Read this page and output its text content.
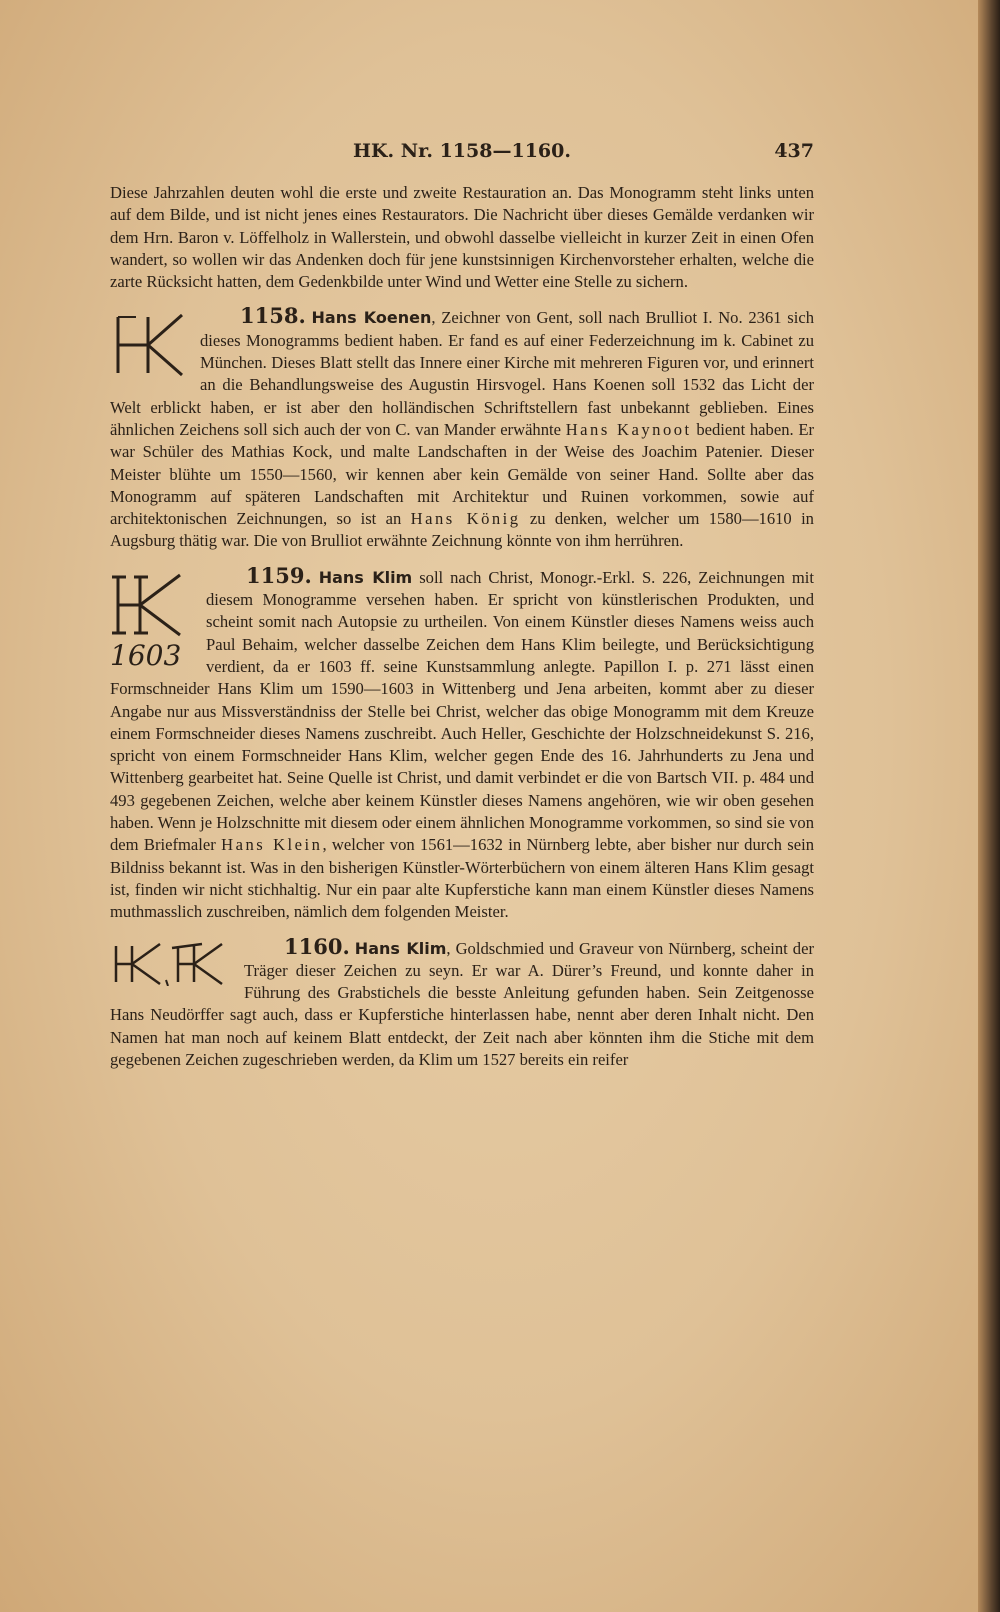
HK. Nr. 1158—1160.	437

Diese Jahrzahlen deuten wohl die erste und zweite Restauration an. Das Monogramm steht links unten auf dem Bilde, und ist nicht jenes eines Restaurators. Die Nachricht über dieses Gemälde verdanken wir dem Hrn. Baron v. Löffelholz in Wallerstein, und obwohl dasselbe vielleicht in kurzer Zeit in einen Ofen wandert, so wollen wir das Andenken doch für jene kunstsinnigen Kirchenvorsteher erhalten, welche die zarte Rücksicht hatten, dem Gedenkbilde unter Wind und Wetter eine Stelle zu sichern.

1158. Hans Koenen, Zeichner von Gent, soll nach Brulliot I. No. 2361 sich dieses Monogramms bedient haben. Er fand es auf einer Federzeichnung im k. Cabinet zu München. Dieses Blatt stellt das Innere einer Kirche mit mehreren Figuren vor, und erinnert an die Behandlungsweise des Augustin Hirsvogel. Hans Koenen soll 1532 das Licht der Welt erblickt haben, er ist aber den holländischen Schriftstellern fast unbekannt geblieben. Eines ähnlichen Zeichens soll sich auch der von C. van Mander erwähnte Hans Kaynoot bedient haben. Er war Schüler des Mathias Kock, und malte Landschaften in der Weise des Joachim Patenier. Dieser Meister blühte um 1550—1560, wir kennen aber kein Gemälde von seiner Hand. Sollte aber das Monogramm auf späteren Landschaften mit Architektur und Ruinen vorkommen, sowie auf architektonischen Zeichnungen, so ist an Hans König zu denken, welcher um 1580—1610 in Augsburg thätig war. Die von Brulliot erwähnte Zeichnung könnte von ihm herrühren.
1603
1159. Hans Klim soll nach Christ, Monogr.-Erkl. S. 226, Zeichnungen mit diesem Monogramme versehen haben. Er spricht von künstlerischen Produkten, und scheint somit nach Autopsie zu urtheilen. Von einem Künstler dieses Namens weiss auch Paul Behaim, welcher dasselbe Zeichen dem Hans Klim beilegte, und Berücksichtigung verdient, da er 1603 ff. seine Kunstsammlung anlegte. Papillon I. p. 271 lässt einen Formschneider Hans Klim um 1590—1603 in Wittenberg und Jena arbeiten, kommt aber zu dieser Angabe nur aus Missverständniss der Stelle bei Christ, welcher das obige Monogramm mit dem Kreuze einem Formschneider dieses Namens zuschreibt. Auch Heller, Geschichte der Holzschneidekunst S. 216, spricht von einem Formschneider Hans Klim, welcher gegen Ende des 16. Jahrhunderts zu Jena und Wittenberg gearbeitet hat. Seine Quelle ist Christ, und damit verbindet er die von Bartsch VII. p. 484 und 493 gegebenen Zeichen, welche aber keinem Künstler dieses Namens angehören, wie wir oben gesehen haben. Wenn je Holzschnitte mit diesem oder einem ähnlichen Monogramme vorkommen, so sind sie von dem Briefmaler Hans Klein, welcher von 1561—1632 in Nürnberg lebte, aber bisher nur durch sein Bildniss bekannt ist. Was in den bisherigen Künstler-Wörterbüchern von einem älteren Hans Klim gesagt ist, finden wir nicht stichhaltig. Nur ein paar alte Kupferstiche kann man einem Künstler dieses Namens muthmasslich zuschreiben, nämlich dem folgenden Meister.
1160. Hans Klim, Goldschmied und Graveur von Nürnberg, scheint der Träger dieser Zeichen zu seyn. Er war A. Dürer’s Freund, und konnte daher in Führung des Grabstichels die besste Anleitung gefunden haben. Sein Zeitgenosse Hans Neudörffer sagt auch, dass er Kupferstiche hinterlassen habe, nennt aber deren Inhalt nicht. Den Namen hat man noch auf keinem Blatt entdeckt, der Zeit nach aber könnten ihm die Stiche mit dem gegebenen Zeichen zugeschrieben werden, da Klim um 1527 bereits ein reifer
